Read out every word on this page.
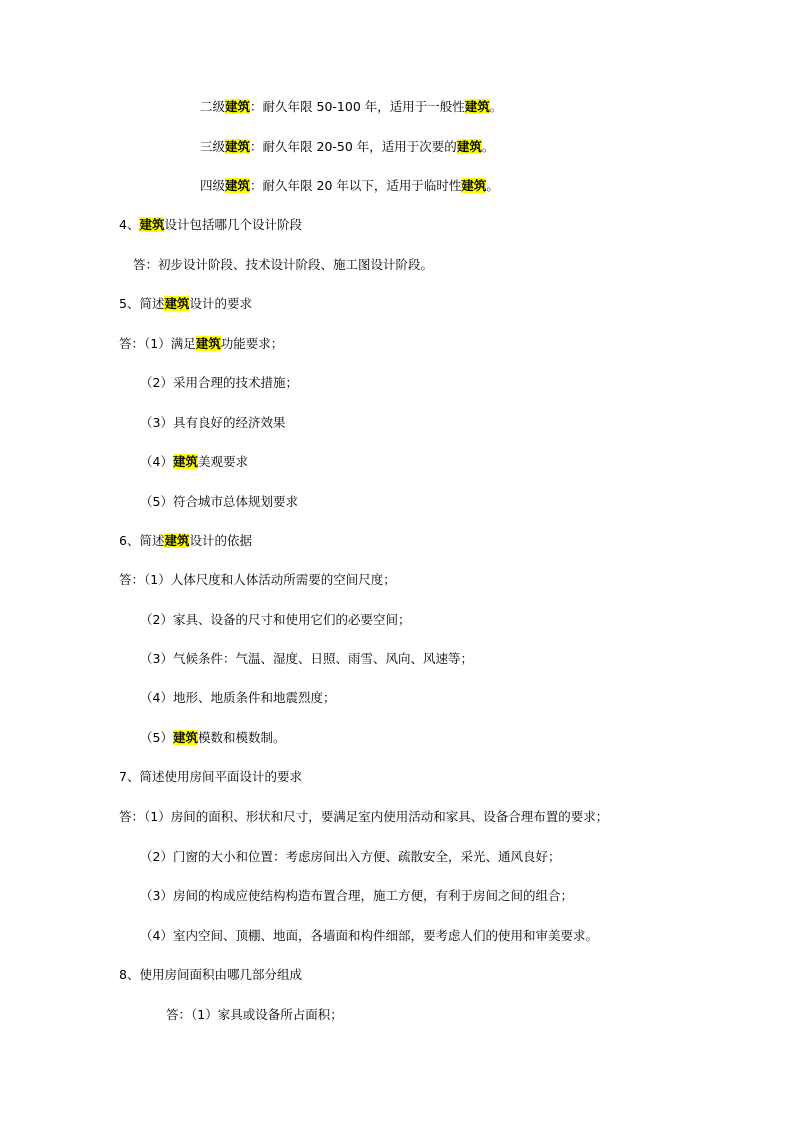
二级建筑：耐久年限 50-100 年，适用于一般性建筑。
三级建筑：耐久年限 20-50 年，适用于次要的建筑。
四级建筑：耐久年限 20 年以下，适用于临时性建筑。
4、建筑设计包括哪几个设计阶段
答：初步设计阶段、技术设计阶段、施工图设计阶段。
5、简述建筑设计的要求
答：（1）满足建筑功能要求；
（2）采用合理的技术措施；
（3）具有良好的经济效果
（4）建筑美观要求
（5）符合城市总体规划要求
6、简述建筑设计的依据
答：（1）人体尺度和人体活动所需要的空间尺度；
（2）家具、设备的尺寸和使用它们的必要空间；
（3）气候条件：气温、湿度、日照、雨雪、风向、风速等；
（4）地形、地质条件和地震烈度；
（5）建筑模数和模数制。
7、简述使用房间平面设计的要求
答：（1）房间的面积、形状和尺寸，要满足室内使用活动和家具、设备合理布置的要求；
（2）门窗的大小和位置：考虑房间出入方便、疏散安全，采光、通风良好；
（3）房间的构成应使结构构造布置合理，施工方便，有利于房间之间的组合；
（4）室内空间、顶棚、地面，各墙面和构件细部，要考虑人们的使用和审美要求。
8、使用房间面积由哪几部分组成
答：（1）家具或设备所占面积；
